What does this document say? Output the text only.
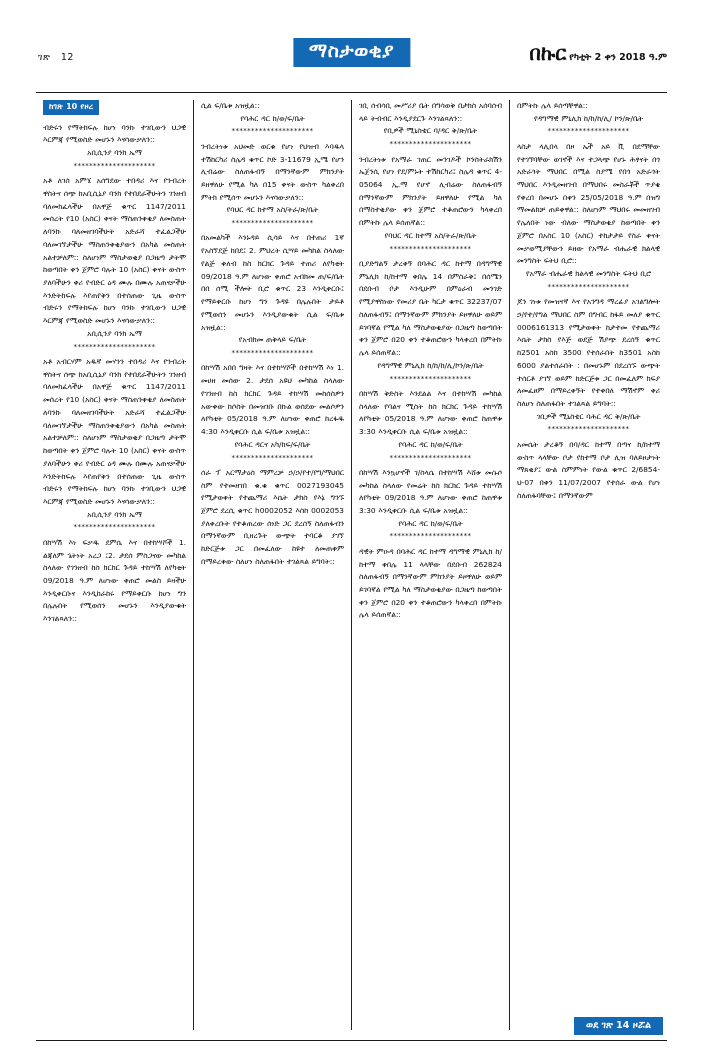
ገጽ 12	ማስታወቂያ	በኩር የካቲት 2 ቀን 2018 ዓ.ም
ከገጽ 10 የዞረ
ብድሩን የማትከፍሉ ከሆነ ባንኩ ተገቢውን ህጋዊ እርምጃ የሚወስድ መሆኑን እናሳውቃለን::
አቢሲንያ ባንክ ኤማ
*********************
አቶ ለገሰ አምኜ አሰግደው ተበዳሪ እና የንብረት ዋስትና ሰጭ ከአቢሲኒያ ባንክ የተበደራችሁትን ገንዘብ ባለመክፈላችሁ በአዋጅ ቁጥር 1147/2011 መሰረት የ10 (አስር) ቀናት ማስጠንቀቂያ ለመስጠት ለባንኩ ባለመዘገባችሁት አድራሻ ተፈልጋችሁ ባለመገኘታችሁ ማስጠንቀቂያውን በአካል መስጠት አልተቻለም:: ስለሆነም ማስታወቂያ በጋዜጣ ታትሞ ከወጣበት ቀን ጀምሮ ባሉት 10 (አስር) ቀናት ውስጥ ያለባችሁን ቀሪ የብድር ዕዳ ሙሉ በሙሉ አጠናቃችሁ እንድትከፍሉ እየጠየቅን በተሰጠው ጊዜ ውስጥ ብድሩን የማትከፍሉ ከሆነ ባንኩ ተገቢውን ህጋዊ እርምጃ የሚወስድ መሆኑን እናሳውቃለን::
አቢሲንያ ባንክ ኤማ
*********************
አቶ አብርሃም አዱኛ መሃንን ተበዳሪ እና የንብረት ዋስትና ሰጭ ከአቢሲኒያ ባንክ የተበደራችሁትን ገንዘብ ባለመክፈላችሁ በአዋጅ ቁጥር 1147/2011 መሰረት የ10 (አስር) ቀናት ማስጠንቀቂያ ለመስጠት ለባንኩ ባለመዘገባችሁት አድራሻ ተፈልጋችሁ ባለመገኘታችሁ ማስጠንቀቂያውን በአካል መስጠት አልተቻለም:: ስለሆነም ማስታወቂያ በጋዜጣ ታትሞ ከወጣበት ቀን ጀምሮ ባሉት 10 (አስር) ቀናት ውስጥ ያለባችሁን ቀሪ የብድር ዕዳ ሙሉ በሙሉ አጠናቃችሁ እንድትከፍሉ እየጠየቅን በተሰጠው ጊዜ ውስጥ ብድሩን የማትከፍሉ ከሆነ ባንኩ ተገቢውን ህጋዊ እርምጃ የሚወስድ መሆኑን እናሳውቃለን::
አቢሲንያ ባንክ ኤማ
*********************
በከሣሽ እነ ፍቃዱ ደምሴ እና በተከሣሾች 1. ልጃለም ጌትነት አረጋ ፤2. ታደሰ ምስጋናው መካከል ስላለው የገንዘብ ከስ ክርክር ጉዳይ ተከሣሽ ለየካቲት 09/2018 ዓ.ም ለሆነው ቀጠሮ መልስ ይዛችሁ እንዲቀርቡና እንዲከራከሩ የማይቀርቡ ከሆነ ግን በሌሉበት የሚወሰን መሆኑን እንዲያውቁት እንገልጻለን::
ሲል ፍ/ቤቱ አዝዟል::
የባሕር ዳር ከ/ወ/ፍ/ቤት
*********************
ንብረትነቱ አህመድ ወርቁ የሆነ የህዝብ እባዱላ ተሽከርካሪ ስሌዳ ቁጥር ኮድ 3-11679 ኢሜ የሆን ሊብሬው ስለጠፋብኝ በማንኛውም ምክንያት ይዘዋለሁ የሚል ካለ በ15 ቀናት ውስጥ ካልቀረበ ምትክ የሚሰጥ መሆኑን እናሳውቃለን::
የባህር ዳር ከተማ አስ/ትራ/ጽ/ቤት
*********************
በአመልካች እንኑዳይ ሲሳይ እና በተጠሪ 1ኛ የአስኘደጅ ከበደ፤ 2. ምህረት ሲሣይ መካከል ስላለው የልጅ ቀለብ ከስ ክርክር ጉዳይ ተጠሪ ለየካቲት 09/2018 ዓ.ም ለሆነው ቀጠሮ አብክመ ጠ/ፍ/ቤት በበ ሰሚ ችሎት ቢሮ ቁጥር 23 እንዲቀርቡ፤ የማይቀርቡ ከሆነ ግን ጉዳዩ በሌሉበት ታይቶ የሚወሰን መሆኑን እንዲያውቁት ሲል ፍ/ቤቱ አዝዟል::
የአብክመ ጠቅላይ ፍ/ቤት
*********************
በከሣሽ አበበ ግዛት እና በተከሣሾች በተከሣሽ እነ 1. መሀዘ መሰው 2. ታደሰ አዩህ መካከል ስላለው የገንዘብ ከስ ክርክር ጉዳይ ተከሣሽ መከሰስዎን አውቀው ከሶስት በመዝገቡ በኩል ወሰደው መልሶዎን ለየካቲት 05/2018 ዓ.ም ለሆነው ቀጠሮ ከረፋዱ 4:30 እንዲቀርቡ ሲል ፍ/ቤቱ አዝዟል::
የባሕር ዳርና አካ/ከፍ/ፍ/ቤት
*********************
ሰራ ፕ አርማታዕስ ማምረቻ ኃ/ኃ/የተ/የግ/ማህበር ስም የተመዘገበ ቁ.ቁ ቁጥር 0027193045 የሚታወቀት የተጨማሪ እሴት ታክስ የእኔ ግንኙ ጀምሮ ደረሲ ቁጥር h0002052 እስከ 0002053 ያለቀረቡት የተቆጠረው ሰነድ ጋር ደረሰኝ ስለጠፋብን በማንኛውም ቢዘረጉት ውጭት ተባርቆ ያገኘ ከድርጅቱ ጋር በመፈለው ከዩተ ለመጠቀም በማይረቀው ስለሆነ ስለጠፋበት ተገልጻል ይግባት::
ገቢ ሰብሳቢ መሥሪያ ቤት በግሳወቅ በታክስ አሰባሰብ ላይ ትብብር እንዲያደርጉ እንገልጻለን::
የቢዎች ሚኒስቴር ባ/ዳር ቅ/ጽ/ቤት
*********************
ንብረትነቱ የአማራ ገጠር መንገዶች ኮንስትራክሽን ኤጀንሲ የሆነ የደ/ምኑት ተሽከርካሪ፤ ስሌዳ ቁጥር 4-05064 ኢ.ማ የሆኖ ሊብሬው ስለጠፋብኝ በማንኛውም ምክንያት ይዘዋለሁ የሚል ካለ በማስተቂያው ቀን ጀምሮ ተቆጠሮውን ካላቀረበ በምትኩ ሌላ ይሰጠኛል::
የባህር ዳር ከተማ አስ/ትራ/ጽ/ቤት
*********************
ቢያድግልኝ ታረቀኝ በባሕር ዳር ከተማ በዳግማዊ ምኒሊክ ከ/ከተማ ቀበሌ 14 በምስራቅ፤ በሰሜን በደቡብ ቦታ እንዲሁም በምዕራብ መንገድ የሚያዋስነው የመሪያ ቤት ካርታ ቁጥር 32237/07 ስለጠፋብኝ፤ በማንኛውም ምክንያት ይዞዋለሁ ወይም ይገባኛል የሚል ካለ ማስታወቂያው በጋዜጣ ከወጣበት ቀን ጀምሮ በ20 ቀን ተቆጠሮውን ካላቀረበ በምትኩ ሌላ ይሰጠኛል::
የዳግማዊ ምኒሊክ ከ/ከ/ከ/ሊ/ኮን/ጽ/ቤት
*********************
በከሣሽ ቅድስት እንደልል እና በተከሣሽ መካከል ስላለው የባልና ሚስት ከስ ክርክር ጉዳይ ተከሣሽ ለየካቲት 05/2018 ዓ.ም ለሆነው ቀጠሮ ከጠዋቱ 3:30 እንዲቀርቡ ሲል ፍ/ቤቱ አዝዟል::
የባሕር ዳር ከ/ወ/ፍ/ቤት
*********************
በከሣሽ እንኳሆኖች ገ/ስላሴ በተከሣሽ እሸቱ መሱሶ መካከል ስላለው የመሬት ከስ ክርክር ጉዳይ ተከሣሽ ለየካቲት 09/2018 ዓ.ም ለሆነው ቀጠሮ ከጠዋቱ 3:30 እንዲቀርቡ ሲል ፍ/ቤቱ አዝዟል::
የባሕር ዳር ከ/ወ/ፍ/ቤት
*********************
ዳዊት ምዑዳ በባሕር ዳር ከተማ ዳግማዊ ምኒሊክ ከ/ከተማ ቀበሌ 11 ላላቸው በደቡብ 262824 ስለጠፋብኝ በማንኛውም ምክንያት ይዞዋለሁ ወይም ይገባኛል የሚል ካለ ማስታወቂያው በጋዜጣ ከወጣበት ቀን ጀምሮ በ20 ቀን ተቆጠሮውን ካላቀረበ በምትኩ ሌላ ይሰጠኛል::
በምትኩ ሌላ ይሰጣቸዋል::
የዳግማዊ ምኒሊክ ከ/ከ/ከ/ሊ/ ኮን/ጽ/ቤት
*********************
ላስታ ላሊበላ በዞ ኤች አይ ቪ በደማቸው የተገኘባቸው ወገኖች እና ተጋላጭ የሆኑ ሕፃናት በጎ አድራጎት ማህበር በሚል ስያሜ የበጎ አድራጎት ማህበር እንዲመዘገብ በማህበሩ መስራቾች ጥያቄ የቀረበ በመሆኑ በቀን 25/05/2018 ዓ.ም በዝግ ማመልከቻ ጠይቀዋል:: ስለሆነም ማህበሩ መመዘገብ የሌለበት ነው ብለው ማስታወቂያ ከወጣበት ቀን ጀምሮ በአስር 10 (አስር) ተከታታይ የስራ ቀናት መቃወሚያቸውን ይዘው የአማራ ብሔራዊ ክልላዊ መንግስት ፍትህ ቢሮ::
የአማራ ብሔራዊ ክልላዊ መንግስት ፍትህ ቢሮ
*********************
ጆን ገነቱ የመዝናኛ እና የአንግዳ ማረፊያ አገልግሎት ኃ/የተ/የግል ማህበር ስም በግብር ከፋይ መለያ ቁጥር 0006161313 የሚታወቀት ከታተመ የተጨማሪ እሴት ታክስ የእጅ ወደጅ ሽያጭ ደረሰኝ ቁጥር ከ2501 አስከ 3500 የተሰራበት ከ3501 አስከ 6000 ያልተሰራበት : በመሆኑም በደረሰኙ ውጭት ተሰርቶ ያገኘ ወይም ከድርጅቱ ጋር በመፈለም ክፍያ ለመፈፀም በማይረቀኝት የተቀበለ ማሽኖም ቀሪ ስለሆነ ስለጠፋበት ተገልጻል ይግባት::
ገቢዎች ሚኒስቴር ባሕር ዳር ቅ/ጽ/ቤት
*********************
አመሴት ታረቆኝ በባ/ዳር ከተማ በጣና ከ/ከተማ ውስጥ ላላቸው ቦታ የከተማ ቦታ ሊዝ ባለይዞታነት ማጸቂያ፤ ውል ስምምነት የውል ቁጥር 2/6854-ህ-07 በቀን 11/07/2007 የተሰራ ውል የሆነ ስለጠፋባቸው፤ በማንኛውም
ወደ ገጽ 14 ዞሯል
